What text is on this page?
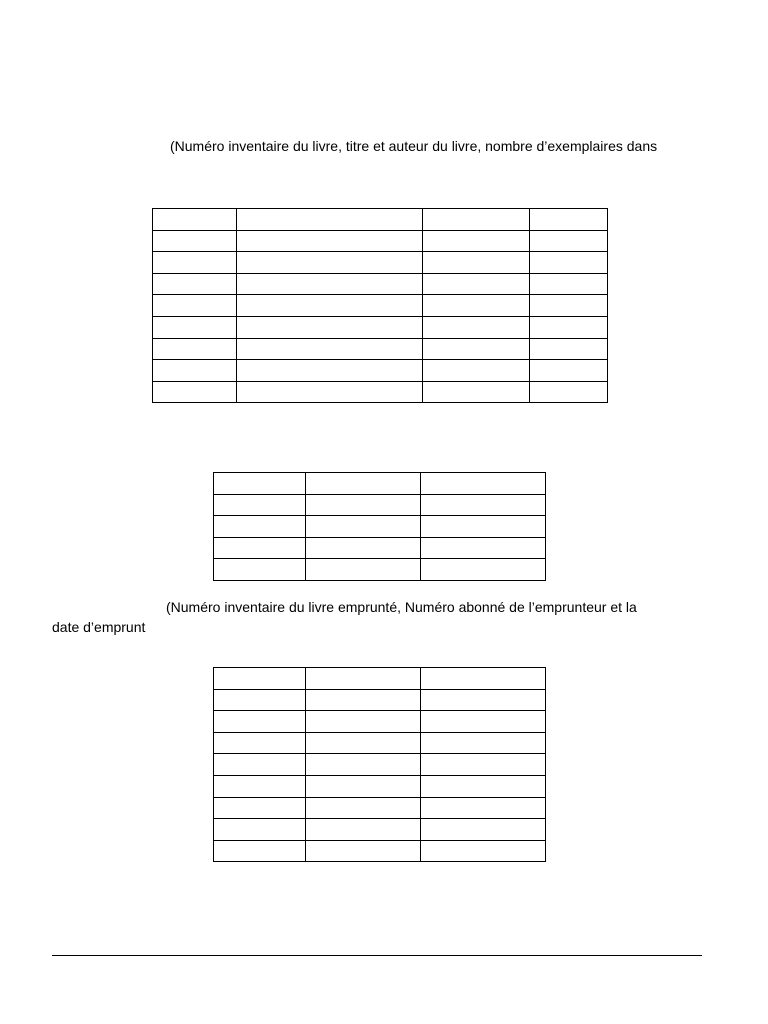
(Numéro inventaire du livre, titre et auteur du livre, nombre d’exemplaires dans

(Numéro inventaire du livre emprunté, Numéro abonné de l’emprunteur et la
date d’emprunt
